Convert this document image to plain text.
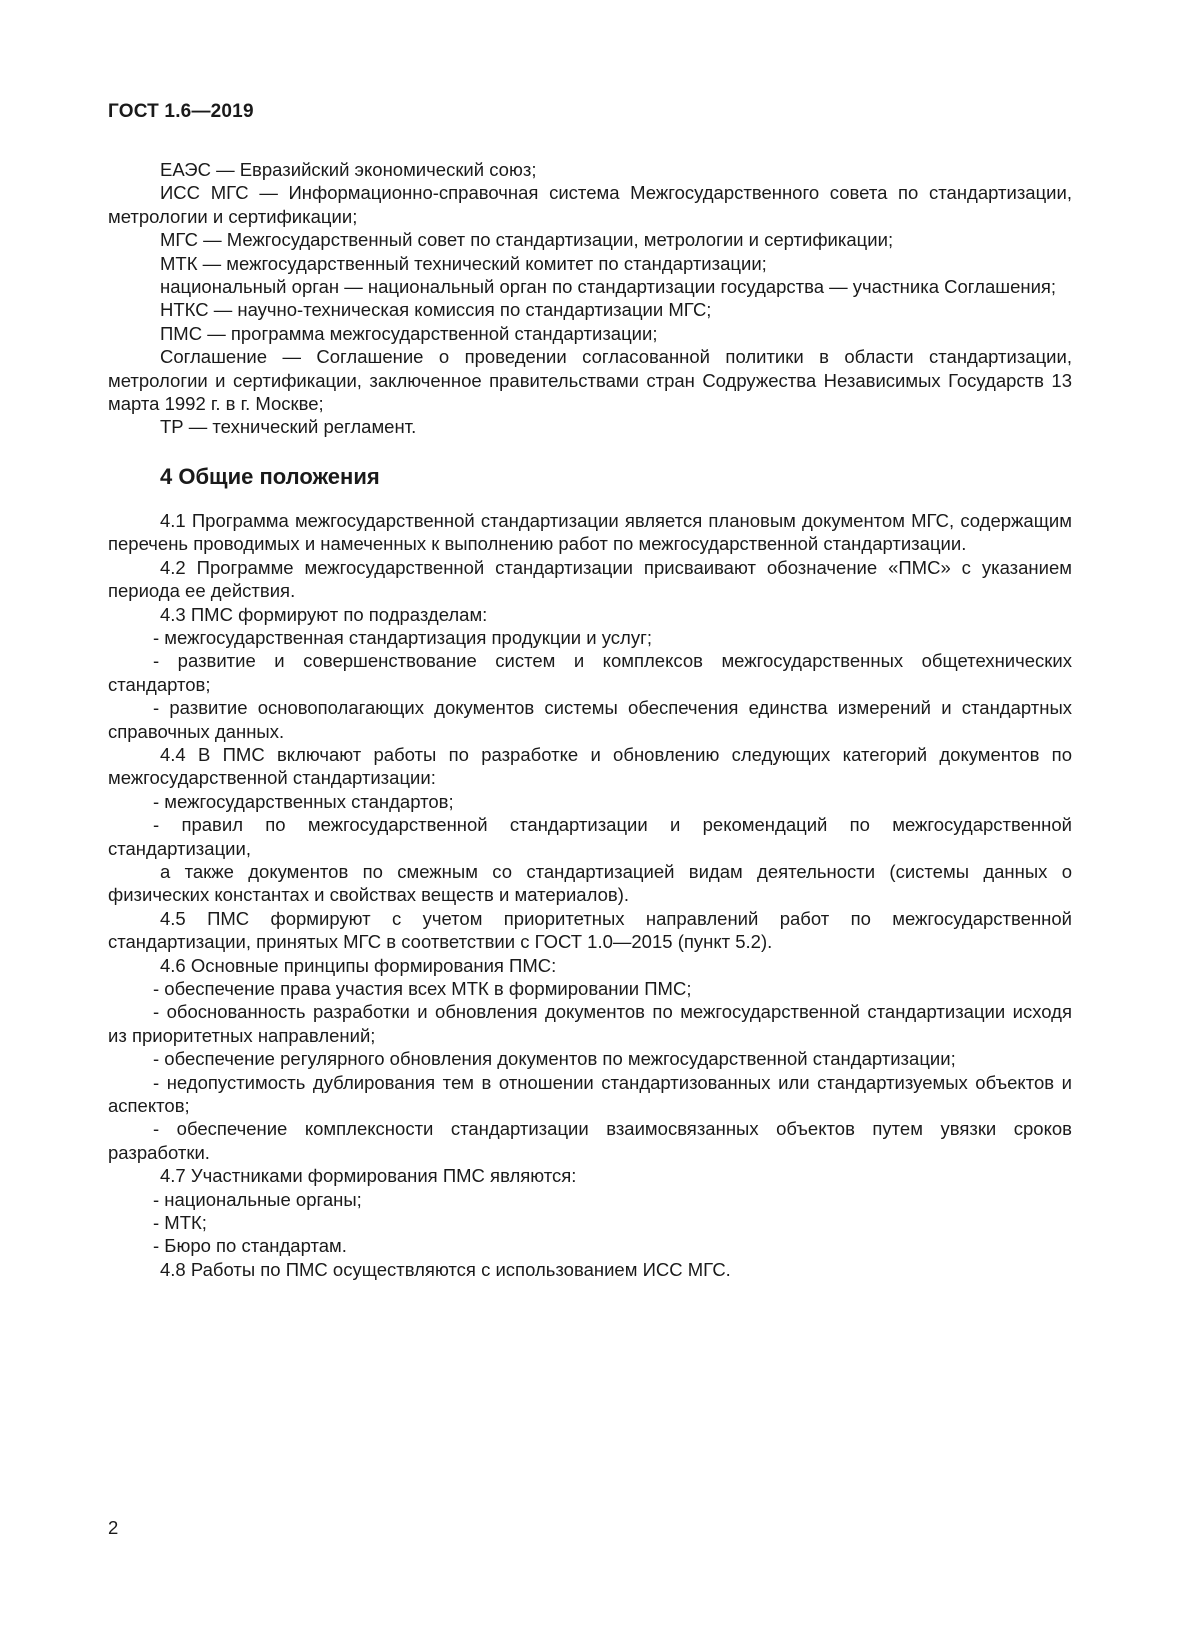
ГОСТ 1.6—2019

ЕАЭС — Евразийский экономический союз;

ИСС МГС — Информационно-справочная система Межгосударственного совета по стандартизации, метрологии и сертификации;

МГС — Межгосударственный совет по стандартизации, метрологии и сертификации;

МТК — межгосударственный технический комитет по стандартизации;

национальный орган — национальный орган по стандартизации государства — участника Соглашения;

НТКС — научно-техническая комиссия по стандартизации МГС;

ПМС — программа межгосударственной стандартизации;

Соглашение — Соглашение о проведении согласованной политики в области стандартизации, метрологии и сертификации, заключенное правительствами стран Содружества Независимых Государств 13 марта 1992 г. в г. Москве;

ТР — технический регламент.

4 Общие положения

4.1 Программа межгосударственной стандартизации является плановым документом МГС, содержащим перечень проводимых и намеченных к выполнению работ по межгосударственной стандартизации.

4.2 Программе межгосударственной стандартизации присваивают обозначение «ПМС» с указанием периода ее действия.

4.3 ПМС формируют по подразделам:

- межгосударственная стандартизация продукции и услуг;

- развитие и совершенствование систем и комплексов межгосударственных общетехнических стандартов;

- развитие основополагающих документов системы обеспечения единства измерений и стандартных справочных данных.

4.4 В ПМС включают работы по разработке и обновлению следующих категорий документов по межгосударственной стандартизации:

- межгосударственных стандартов;

- правил по межгосударственной стандартизации и рекомендаций по межгосударственной стандартизации,

а также документов по смежным со стандартизацией видам деятельности (системы данных о физических константах и свойствах веществ и материалов).

4.5 ПМС формируют с учетом приоритетных направлений работ по межгосударственной стандартизации, принятых МГС в соответствии с ГОСТ 1.0—2015 (пункт 5.2).

4.6 Основные принципы формирования ПМС:

- обеспечение права участия всех МТК в формировании ПМС;

- обоснованность разработки и обновления документов по межгосударственной стандартизации исходя из приоритетных направлений;

- обеспечение регулярного обновления документов по межгосударственной стандартизации;

- недопустимость дублирования тем в отношении стандартизованных или стандартизуемых объектов и аспектов;

- обеспечение комплексности стандартизации взаимосвязанных объектов путем увязки сроков разработки.

4.7 Участниками формирования ПМС являются:

- национальные органы;

- МТК;

- Бюро по стандартам.

4.8 Работы по ПМС осуществляются с использованием ИСС МГС.

2
